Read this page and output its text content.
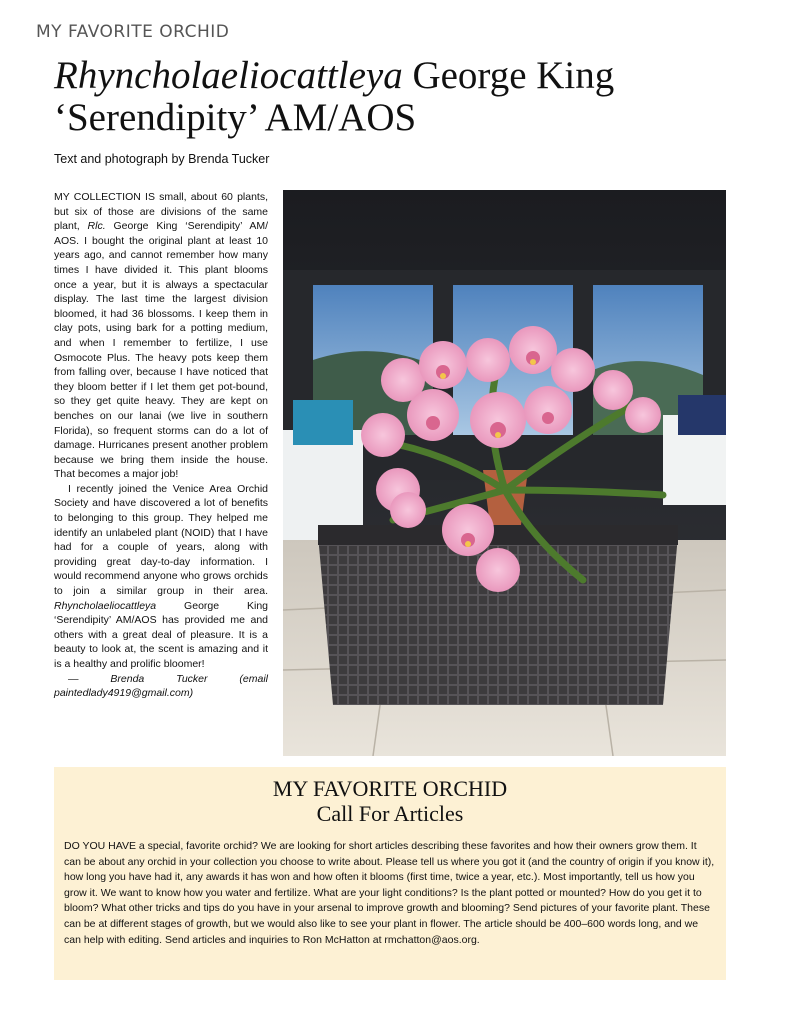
MY FAVORITE ORCHID
Rhyncholaeliocattleya George King ‘Serendipity’ AM/AOS
Text and photograph by Brenda Tucker

MY COLLECTION IS small, about 60 plants, but six of those are divisions of the same plant, Rlc. George King ‘Serendipity’ AM/ AOS. I bought the original plant at least 10 years ago, and cannot remember how many times I have divided it. This plant blooms once a year, but it is always a spectacular display. The last time the largest division bloomed, it had 36 blossoms. I keep them in clay pots, using bark for a potting medium, and when I remember to fertilize, I use Osmocote Plus. The heavy pots keep them from falling over, because I have noticed that they bloom better if I let them get pot-bound, so they get quite heavy. They are kept on benches on our lanai (we live in southern Florida), so frequent storms can do a lot of damage. Hurricanes present another problem because we bring them inside the house. That becomes a major job!

I recently joined the Venice Area Orchid Society and have discovered a lot of benefits to belonging to this group. They helped me identify an unlabeled plant (NOID) that I have had for a couple of years, along with providing great day-to-day information. I would recommend anyone who grows orchids to join a similar group in their area. Rhyncholaeliocattleya George King ‘Serendipity’ AM/AOS has provided me and others with a great deal of pleasure. It is a beauty to look at, the scent is amazing and it is a healthy and prolific bloomer!

— Brenda Tucker (email paintedlady4919@gmail.com)

MY FAVORITE ORCHID
Call For Articles
DO YOU HAVE a special, favorite orchid? We are looking for short articles describing these favorites and how their owners grow them. It can be about any orchid in your collection you choose to write about. Please tell us where you got it (and the country of origin if you know it), how long you have had it, any awards it has won and how often it blooms (first time, twice a year, etc.). Most importantly, tell us how you grow it. We want to know how you water and fertilize. What are your light conditions? Is the plant potted or mounted? How do you get it to bloom? What other tricks and tips do you have in your arsenal to improve growth and blooming? Send pictures of your favorite plant. These can be at different stages of growth, but we would also like to see your plant in flower. The article should be 400–600 words long, and we can help with editing. Send articles and inquiries to Ron McHatton at rmchatton@aos.org.
